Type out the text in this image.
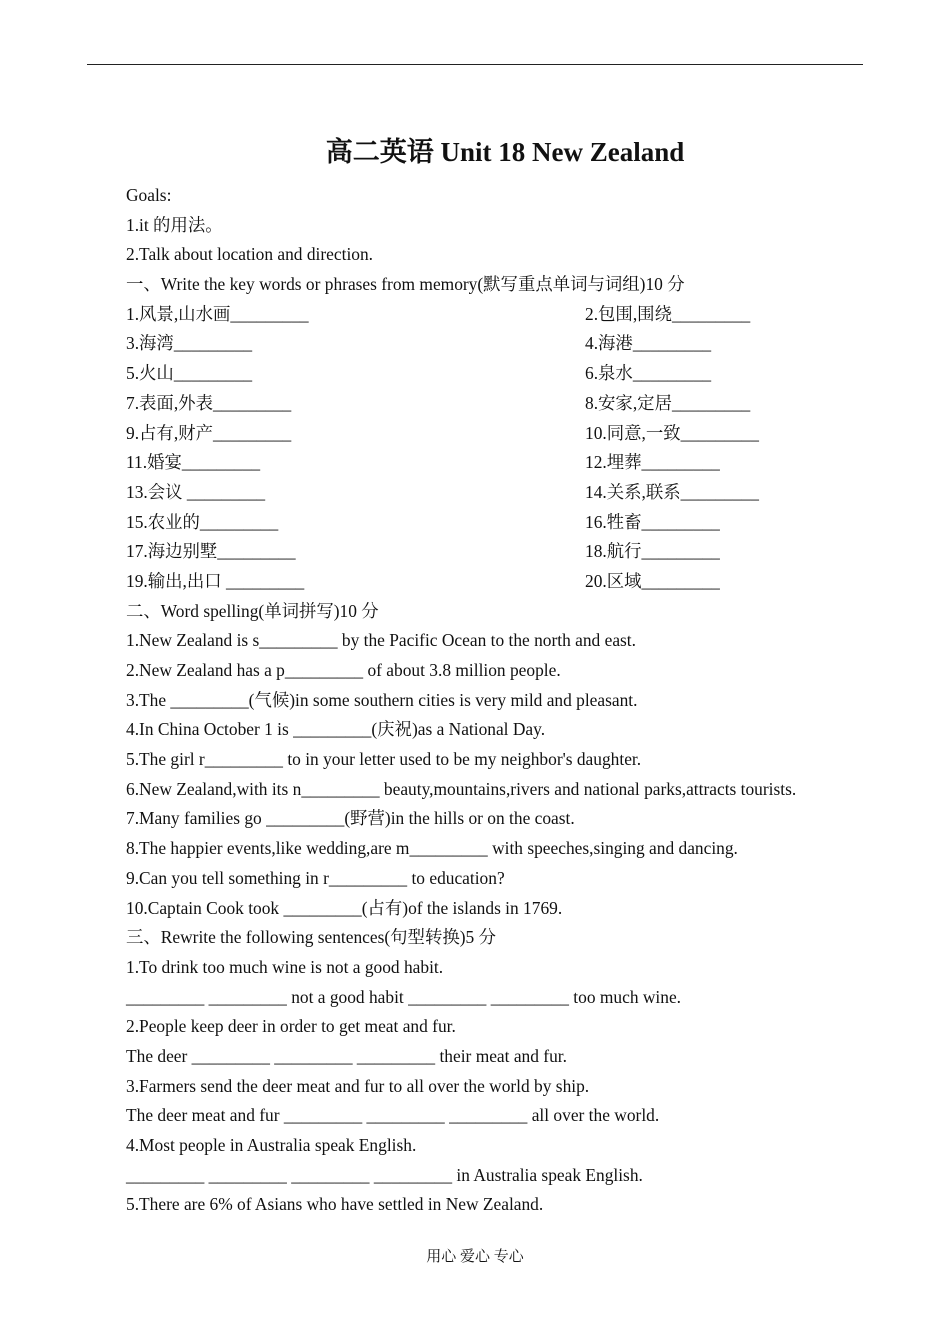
高二英语 Unit 18 New Zealand
Goals:
1.it 的用法。
2.Talk about location and direction.
一、Write the key words or phrases from memory(默写重点单词与词组)10 分
1.风景,山水画_________	2.包围,围绕_________
3.海湾_________	4.海港_________
5.火山_________	6.泉水_________
7.表面,外表_________	8.安家,定居_________
9.占有,财产_________	10.同意,一致_________
11.婚宴_________	12.埋葬_________
13.会议 _________	14.关系,联系_________
15.农业的_________	16.牲畜_________
17.海边别墅_________	18.航行_________
19.输出,出口 _________	20.区域_________
二、Word spelling(单词拼写)10 分
1.New Zealand is s_________ by the Pacific Ocean to the north and east.
2.New Zealand has a p_________ of about 3.8 million people.
3.The _________(气候)in some southern cities is very mild and pleasant.
4.In China October 1 is _________(庆祝)as a National Day.
5.The girl r_________ to in your letter used to be my neighbor's daughter.
6.New Zealand,with its n_________ beauty,mountains,rivers and national parks,attracts tourists.
7.Many families go _________(野营)in the hills or on the coast.
8.The happier events,like wedding,are m_________ with speeches,singing and dancing.
9.Can you tell something in r_________ to education?
10.Captain Cook took _________(占有)of the islands in 1769.
三、Rewrite the following sentences(句型转换)5 分
1.To drink too much wine is not a good habit.
_________ _________ not a good habit _________ _________ too much wine.
2.People keep deer in order to get meat and fur.
The deer _________ _________ _________ their meat and fur.
3.Farmers send the deer meat and fur to all over the world by ship.
The deer meat and fur _________ _________ _________ all over the world.
4.Most people in Australia speak English.
_________ _________ _________ _________ in Australia speak English.
5.There are 6% of Asians who have settled in New Zealand.
用心 爱心 专心
